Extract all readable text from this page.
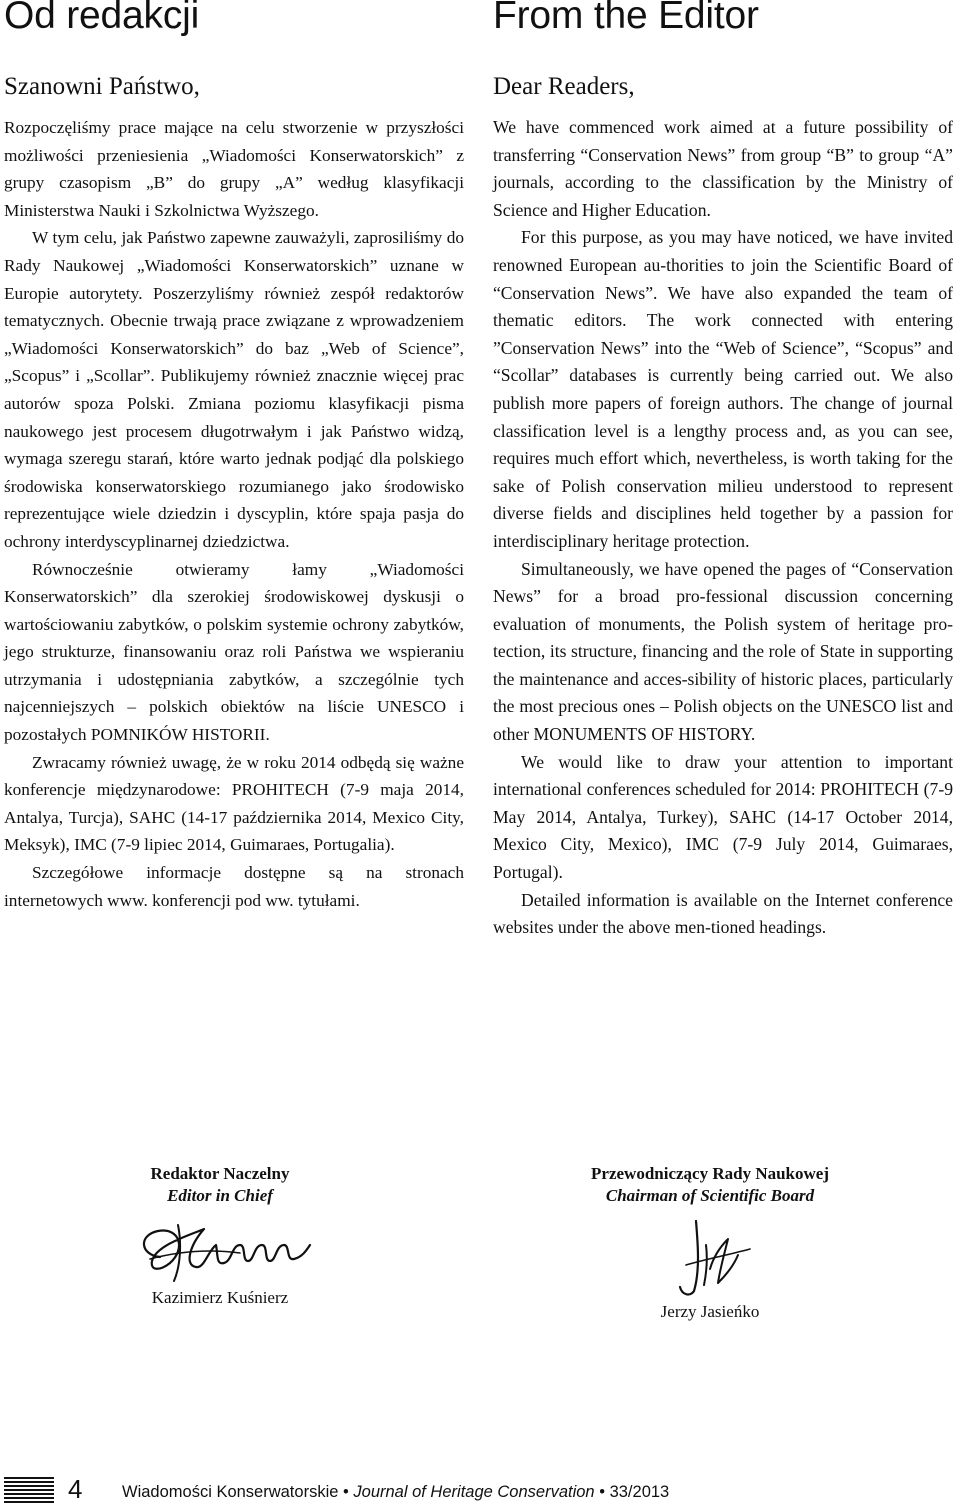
Od redakcji
Szanowni Państwo,

Rozpoczęliśmy prace mające na celu stworzenie w przyszłości możliwości przeniesienia „Wiadomości Konserwatorskich” z grupy czasopism „B” do grupy „A” według klasyfikacji Ministerstwa Nauki i Szkolnictwa Wyższego.

W tym celu, jak Państwo zapewne zauważyli, zaprosiliśmy do Rady Naukowej „Wiadomości Konserwatorskich” uznane w Europie autorytety. Poszerzyliśmy również zespół redaktorów tematycznych. Obecnie trwają prace związane z wprowadzeniem „Wiadomości Konserwatorskich” do baz „Web of Science”, „Scopus” i „Scollar”. Publikujemy również znacznie więcej prac autorów spoza Polski. Zmiana poziomu klasyfikacji pisma naukowego jest procesem długotrwałym i jak Państwo widzą, wymaga szeregu starań, które warto jednak podjąć dla polskiego środowiska konserwatorskiego rozumianego jako środowisko reprezentujące wiele dziedzin i dyscyplin, które spaja pasja do ochrony interdyscyplinarnej dziedzictwa.

Równocześnie otwieramy łamy „Wiadomości Konserwatorskich” dla szerokiej środowiskowej dyskusji o wartościowaniu zabytków, o polskim systemie ochrony zabytków, jego strukturze, finansowaniu oraz roli Państwa we wspieraniu utrzymania i udostępniania zabytków, a szczególnie tych najcenniejszych – polskich obiektów na liście UNESCO i pozostałych POMNIKÓW HISTORII.

Zwracamy również uwagę, że w roku 2014 odbędą się ważne konferencje międzynarodowe: PROHITECH (7-9 maja 2014, Antalya, Turcja), SAHC (14-17 października 2014, Mexico City, Meksyk), IMC (7-9 lipiec 2014, Guimaraes, Portugalia).

Szczegółowe informacje dostępne są na stronach internetowych www. konferencji pod ww. tytułami.

From the Editor
Dear Readers,

We have commenced work aimed at a future possibility of transferring “Conservation News” from group “B” to group “A” journals, according to the classification by the Ministry of Science and Higher Education.

For this purpose, as you may have noticed, we have invited renowned European au-thorities to join the Scientific Board of “Conservation News”. We have also expanded the team of thematic editors. The work connected with entering ”Conservation News” into the “Web of Science”, “Scopus” and “Scollar” databases is currently being carried out. We also publish more papers of foreign authors. The change of journal classification level is a lengthy process and, as you can see, requires much effort which, nevertheless, is worth taking for the sake of Polish conservation milieu understood to represent diverse fields and disciplines held together by a passion for interdisciplinary heritage protection.

Simultaneously, we have opened the pages of “Conservation News” for a broad pro-fessional discussion concerning evaluation of monuments, the Polish system of heritage pro-tection, its structure, financing and the role of State in supporting the maintenance and acces-sibility of historic places, particularly the most precious ones – Polish objects on the UNESCO list and other MONUMENTS OF HISTORY.

We would like to draw your attention to important international conferences scheduled for 2014: PROHITECH (7-9 May 2014, Antalya, Turkey), SAHC (14-17 October 2014, Mexico City, Mexico), IMC (7-9 July 2014, Guimaraes, Portugal).

Detailed information is available on the Internet conference websites under the above men-tioned headings.

Redaktor Naczelny
Editor in Chief
Kazimierz Kuśnierz
Przewodniczący Rady Naukowej
Chairman of Scientific Board
Jerzy Jasieńko
4 Wiadomości Konserwatorskie • Journal of Heritage Conservation • 33/2013
